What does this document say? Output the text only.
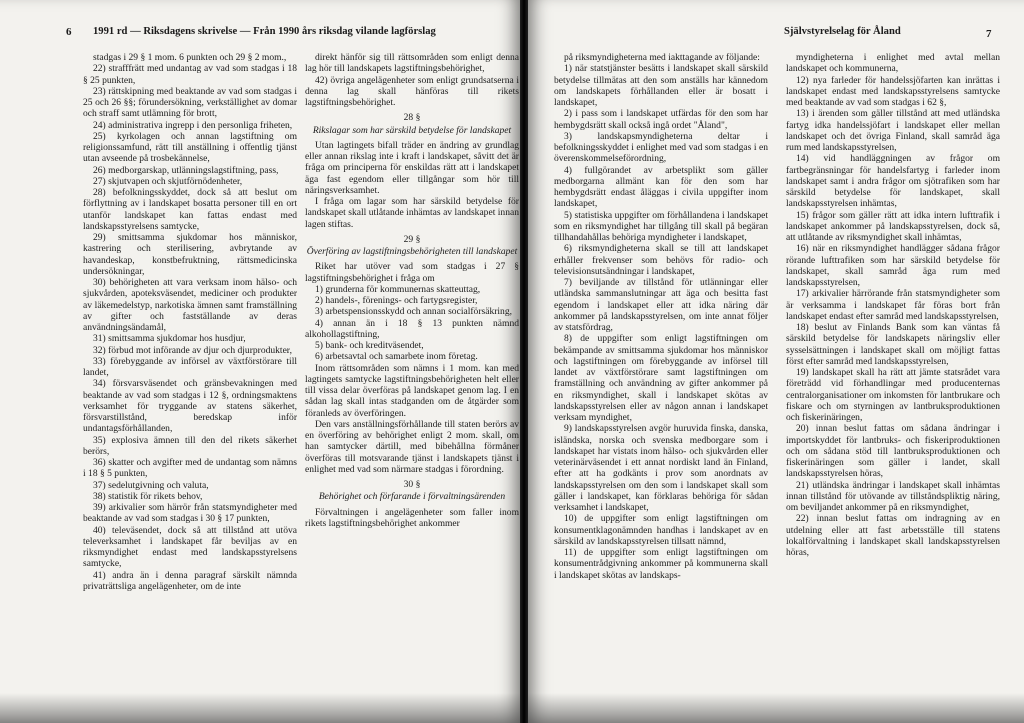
6 1991 rd — Riksdagens skrivelse — Från 1990 års riksdag vilande lagförslag
stadgas i 29 § 1 mom. 6 punkten och 29 § 2 mom.,
22) strafffrätt med undantag av vad som stadgas i 18 § 25 punkten,
23) rättskipning med beaktande av vad som stadgas i 25 och 26 §§; förundersökning, verkställighet av domar och straff samt utlämning för brott,
24) administrativa ingrepp i den personliga friheten,
25) kyrkolagen och annan lagstiftning om religionssamfund, rätt till anställning i offentlig tjänst utan avseende på trosbekännelse,
26) medborgarskap, utlänningslagstiftning, pass,
27) skjutvapen och skjutförnödenheter,
28) befolkningsskyddet, dock så att beslut om förflyttning av i landskapet bosatta personer till en ort utanför landskapet kan fattas endast med landskapsstyrelsens samtycke,
29) smittsamma sjukdomar hos människor, kastrering och sterilisering, avbrytande av havandeskap, konstbefruktning, rättsmedicinska undersökningar,
30) behörigheten att vara verksam inom hälso- och sjukvården, apoteksväsendet, mediciner och produkter av läkemedelstyp, narkotiska ämnen samt framställning av gifter och fastställande av deras användningsändamål,
31) smittsamma sjukdomar hos husdjur,
32) förbud mot införande av djur och djurprodukter,
33) förebyggande av införsel av växtförstörare till landet,
34) försvarsväsendet och gränsbevakningen med beaktande av vad som stadgas i 12 §, ordningsmaktens verksamhet för tryggande av statens säkerhet, försvarstillstånd, beredskap inför undantagsförhållanden,
35) explosiva ämnen till den del rikets säkerhet berörs,
36) skatter och avgifter med de undantag som nämns i 18 § 5 punkten,
37) sedelutgivning och valuta,
38) statistik för rikets behov,
39) arkivalier som härrör från statsmyndigheter med beaktande av vad som stadgas i 30 § 17 punkten,
40) televäsendet, dock så att tillstånd att utöva televerksamhet i landskapet får beviljas av en riksmyndighet endast med landskapsstyrelsens samtycke,
41) andra än i denna paragraf särskilt nämnda privaträttsliga angelägenheter, om de inte
direkt hänför sig till rättsområden som enligt denna lag hör till landskapets lagstiftningsbehörighet,
42) övriga angelägenheter som enligt grundsatserna i denna lag skall hänföras till rikets lagstiftningsbehörighet.
28 §
Rikslagar som har särskild betydelse för landskapet
Utan lagtingets bifall träder en ändring av grundlag eller annan rikslag inte i kraft i landskapet, såvitt det är fråga om principerna för enskildas rätt att i landskapet äga fast egendom eller tillgångar som hör till näringsverksamhet.
I fråga om lagar som har särskild betydelse för landskapet skall utlåtande inhämtas av landskapet innan lagen stiftas.
29 §
Överföring av lagstiftningsbehörigheten till landskapet
Riket har utöver vad som stadgas i 27 § lagstiftningsbehörighet i fråga om
1) grunderna för kommunernas skatteuttag,
2) handels-, förenings- och fartygsregister,
3) arbetspensionsskydd och annan socialförsäkring,
4) annan än i 18 § 13 punkten nämnd alkohollagstiftning,
5) bank- och kreditväsendet,
6) arbetsavtal och samarbete inom företag.
Inom rättsområden som nämns i 1 mom. kan med lagtingets samtycke lagstiftningsbehörigheten helt eller till vissa delar överföras på landskapet genom lag. I en sådan lag skall intas stadganden om de åtgärder som föranleds av överföringen.
Den vars anställningsförhållande till staten berörs av en överföring av behörighet enligt 2 mom. skall, om han samtycker därtill, med bibehållna förmåner överföras till motsvarande tjänst i landskapets tjänst i enlighet med vad som närmare stadgas i förordning.
30 §
Behörighet och förfarande i förvaltningsärenden
Förvaltningen i angelägenheter som faller inom rikets lagstiftningsbehörighet ankommer
Självstyrelselag för Åland	7
på riksmyndigheterna med iakttagande av följande:
1) när statstjänster besätts i landskapet skall särskild betydelse tillmätas att den som anställs har kännedom om landskapets förhållanden eller är bosatt i landskapet,
2) i pass som i landskapet utfärdas för den som har hembygdsrätt skall också ingå ordet "Åland",
3) landskapsmyndigheterna deltar i befolkningsskyddet i enlighet med vad som stadgas i en överenskommelseförordning,
4) fullgörandet av arbetsplikt som gäller medborgarna allmänt kan för den som har hembygdsrätt endast åläggas i civila uppgifter inom landskapet,
5) statistiska uppgifter om förhållandena i landskapet som en riksmyndighet har tillgång till skall på begäran tillhandahållas behöriga myndigheter i landskapet,
6) riksmyndigheterna skall se till att landskapet erhåller frekvenser som behövs för radio- och televisionsutsändningar i landskapet,
7) beviljande av tillstånd för utlänningar eller utländska sammanslutningar att äga och besitta fast egendom i landskapet eller att idka näring där ankommer på landskapsstyrelsen, om inte annat följer av statsfördrag,
8) de uppgifter som enligt lagstiftningen om bekämpande av smittsamma sjukdomar hos människor och lagstiftningen om förebyggande av införsel till landet av växtförstörare samt lagstiftningen om framställning och användning av gifter ankommer på en riksmyndighet, skall i landskapet skötas av landskapsstyrelsen eller av någon annan i landskapet verksam myndighet,
9) landskapsstyrelsen avgör huruvida finska, danska, isländska, norska och svenska medborgare som i landskapet har vistats inom hälso- och sjukvården eller veterinärväsendet i ett annat nordiskt land än Finland, efter att ha godkänts i prov som anordnats av landskapsstyrelsen om den som i landskapet skall som gäller i landskapet, kan förklaras behöriga för sådan verksamhet i landskapet,
10) de uppgifter som enligt lagstiftningen om konsumentklagonämnden handhas i landskapet av en särskild av landskapsstyrelsen tillsatt nämnd,
11) de uppgifter som enligt lagstiftningen om konsumentrådgivning ankommer på kommunerna skall i landskapet skötas av landskaps-
myndigheterna i enlighet med avtal mellan landskapet och kommunerna,
12) nya farleder för handelssjöfarten kan inrättas i landskapet endast med landskapsstyrelsens samtycke med beaktande av vad som stadgas i 62 §,
13) i ärenden som gäller tillstånd att med utländska fartyg idka handelssjöfart i landskapet eller mellan landskapet och det övriga Finland, skall samråd äga rum med landskapsstyrelsen,
14) vid handläggningen av frågor om fartbegränsningar för handelsfartyg i farleder inom landskapet samt i andra frågor om sjötrafiken som har särskild betydelse för landskapet, skall landskapsstyrelsen inhämtas,
15) frågor som gäller rätt att idka intern lufttrafik i landskapet ankommer på landskapsstyrelsen, dock så, att utlåtande av riksmyndighet skall inhämtas,
16) när en riksmyndighet handlägger sådana frågor rörande lufttrafiken som har särskild betydelse för landskapet, skall samråd äga rum med landskapsstyrelsen,
17) arkivalier härrörande från statsmyndigheter som är verksamma i landskapet får föras bort från landskapet endast efter samråd med landskapsstyrelsen,
18) beslut av Finlands Bank som kan väntas få särskild betydelse för landskapets näringsliv eller sysselsättningen i landskapet skall om möjligt fattas först efter samråd med landskapsstyrelsen,
19) landskapet skall ha rätt att jämte statsrådet vara företrädd vid förhandlingar med producenternas centralorganisationer om inkomsten för lantbrukare och fiskare och om styrningen av lantbruksproduktionen och fiskerinäringen,
20) innan beslut fattas om sådana ändringar i importskyddet för lantbruks- och fiskeriproduktionen och om sådana stöd till lantbruksproduktionen och fiskerinäringen som gäller i landet, skall landskapsstyrelsen höras,
21) utländska ändringar i landskapet skall inhämtas innan tillstånd för utövande av tillståndspliktig näring, om beviljandet ankommer på en riksmyndighet,
22) innan beslut fattas om indragning av en utdelning eller att fast arbetsställe till statens lokalförvaltning i landskapet skall landskapsstyrelsen höras,
